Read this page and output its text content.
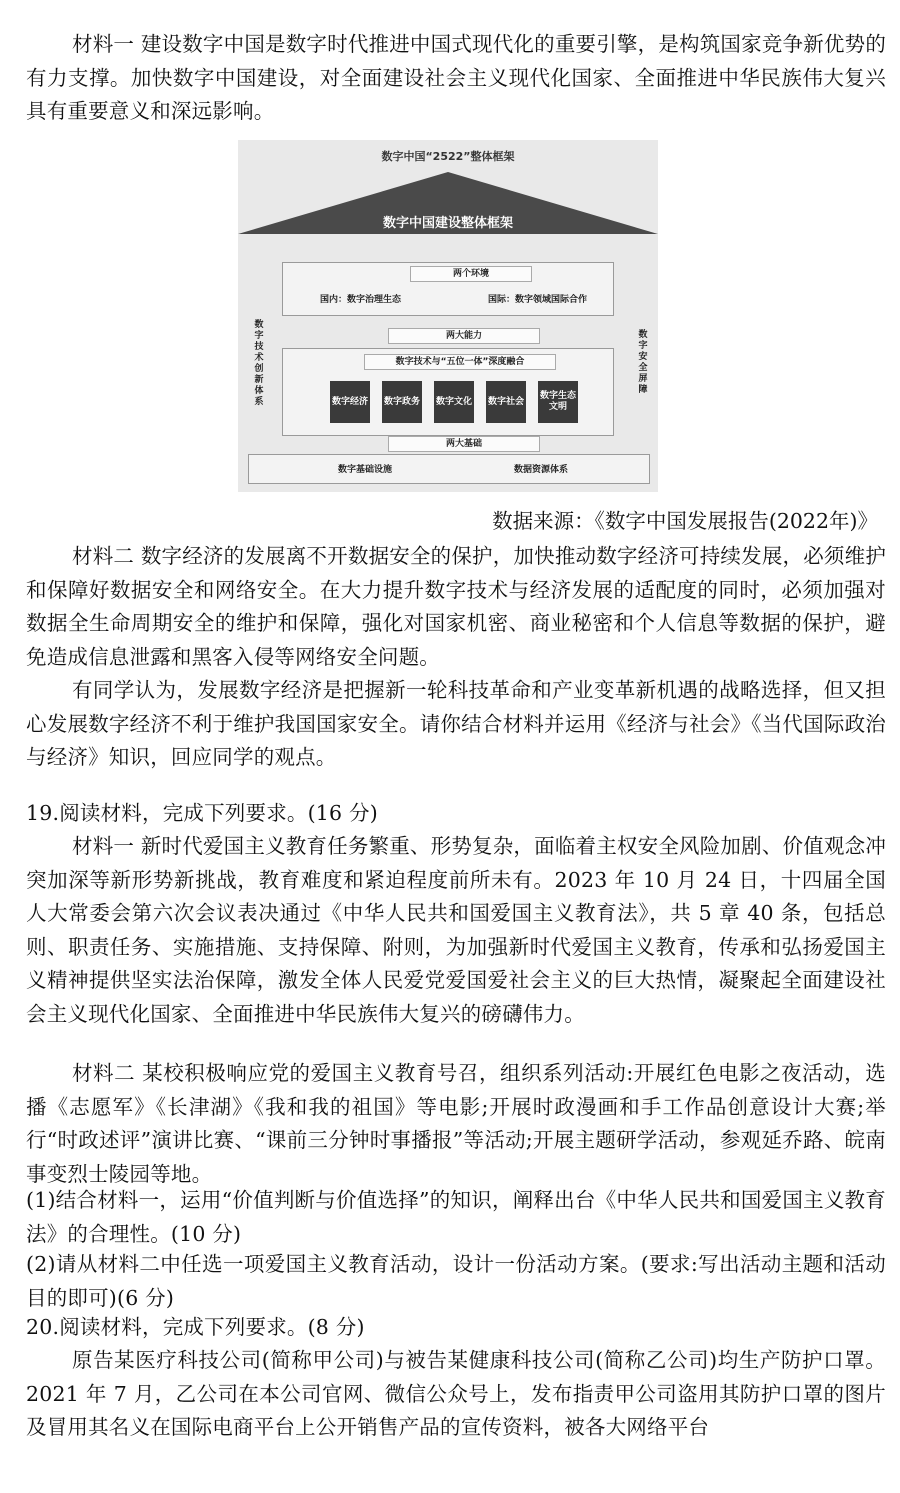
材料一 建设数字中国是数字时代推进中国式现代化的重要引擎，是构筑国家竞争新优势的有力支撑。加快数字中国建设，对全面建设社会主义现代化国家、全面推进中华民族伟大复兴具有重要意义和深远影响。
数字中国“2522”整体框架
数字中国建设整体框架
两个环境
国内：数字治理生态	国际：数字领域国际合作
数字技术创新体系
数字安全屏障
两大能力
数字技术与“五位一体”深度融合
数字经济 数字政务 数字文化 数字社会
数字生态文明
两大基础
数字基础设施	数据资源体系
数据来源：《数字中国发展报告(2022年)》
材料二 数字经济的发展离不开数据安全的保护，加快推动数字经济可持续发展，必须维护和保障好数据安全和网络安全。在大力提升数字技术与经济发展的适配度的同时，必须加强对数据全生命周期安全的维护和保障，强化对国家机密、商业秘密和个人信息等数据的保护，避免造成信息泄露和黑客入侵等网络安全问题。
有同学认为，发展数字经济是把握新一轮科技革命和产业变革新机遇的战略选择，但又担心发展数字经济不利于维护我国国家安全。请你结合材料并运用《经济与社会》《当代国际政治与经济》知识，回应同学的观点。
19.阅读材料，完成下列要求。(16 分)
材料一 新时代爱国主义教育任务繁重、形势复杂，面临着主权安全风险加剧、价值观念冲突加深等新形势新挑战，教育难度和紧迫程度前所未有。2023 年 10 月 24 日，十四届全国人大常委会第六次会议表决通过《中华人民共和国爱国主义教育法》，共 5 章 40 条，包括总则、职责任务、实施措施、支持保障、附则，为加强新时代爱国主义教育，传承和弘扬爱国主义精神提供坚实法治保障，激发全体人民爱党爱国爱社会主义的巨大热情，凝聚起全面建设社会主义现代化国家、全面推进中华民族伟大复兴的磅礴伟力。
材料二 某校积极响应党的爱国主义教育号召，组织系列活动:开展红色电影之夜活动，选播《志愿军》《长津湖》《我和我的祖国》等电影;开展时政漫画和手工作品创意设计大赛;举行“时政述评”演讲比赛、“课前三分钟时事播报”等活动;开展主题研学活动，参观延乔路、皖南事变烈士陵园等地。
(1)结合材料一，运用“价值判断与价值选择”的知识，阐释出台《中华人民共和国爱国主义教育法》的合理性。(10 分)
(2)请从材料二中任选一项爱国主义教育活动，设计一份活动方案。(要求:写出活动主题和活动目的即可)(6 分)
20.阅读材料，完成下列要求。(8 分)
原告某医疗科技公司(简称甲公司)与被告某健康科技公司(简称乙公司)均生产防护口罩。2021 年 7 月，乙公司在本公司官网、微信公众号上，发布指责甲公司盗用其防护口罩的图片及冒用其名义在国际电商平台上公开销售产品的宣传资料，被各大网络平台
